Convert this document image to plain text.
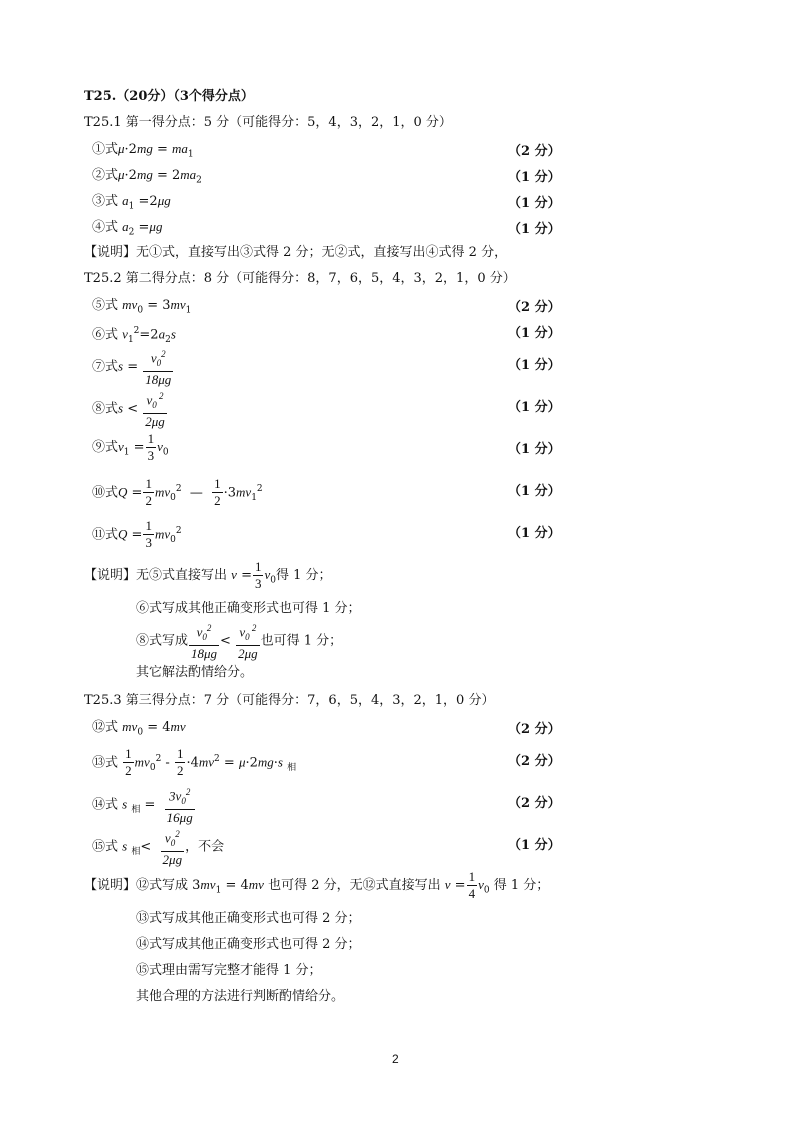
T25.（20分）（3个得分点）
T25.1 第一得分点：5 分（可能得分：5，4，3，2，1，0 分）
①式$\mu\cdot 2mg = ma_1$	（2 分）
②式$\mu\cdot 2mg = 2ma_2$	（1 分）
③式 $a_1 =2\mu g$	（1 分）
④式 $a_2 =\mu g$	（1 分）
【说明】无①式，直接写出③式得 2 分；无②式，直接写出④式得 2 分，
T25.2 第二得分点：8 分（可能得分：8，7，6，5，4，3，2，1，0 分）
⑤式 $mv_0 = 3mv_1$	（2 分）
⑥式 $v_1^2=2a_2s$	（1 分）
⑦式$s = \frac{v_0^2}{18\mu g}$	（1 分）
⑧式$s < \frac{v_0 ^2}{2\mu g}$	（1 分）
⑨式$v_1 = \frac{1}{3} v_0$	（1 分）
⑩式$Q = \frac{1}{2} mv_0^2$  — $\frac{1}{2} \cdot 3mv_1^2$	（1 分）
⑪式$Q = \frac{1}{3} mv_0^2$	（1 分）
【说明】无⑤式直接写出 $v = \frac{1}{3} v_0$得 1 分；
⑥式写成其他正确变形式也可得 1 分；
⑧式写成 $\frac{v_0^2}{18\mu g} < \frac{v_0 ^2}{2\mu g}$ 也可得 1 分；
其它解法酌情给分。
T25.3 第三得分点：7 分（可能得分：7，6，5，4，3，2，1，0 分）
⑫式 $mv_0 = 4mv$	（2 分）
⑬式 $\frac{1}{2} mv_0^2 - \frac{1}{2} \cdot 4mv^2 = \mu\cdot 2mg\cdot s$ $_相$	（2 分）
⑭式 s $_相 = \frac{3v_0^2}{16\mu g}$	（2 分）
⑮式 s $_相< \frac{v_0^2}{2\mu g}$ ，不会	（1 分）
【说明】⑫式写成 $3mv_1 = 4mv$ 也可得 2 分，无⑫式直接写出 $v = \frac{1}{4} v_0$ 得 1 分；
⑬式写成其他正确变形式也可得 2 分；
⑭式写成其他正确变形式也可得 2 分；
⑮式理由需写完整才能得 1 分；
其他合理的方法进行判断酌情给分。
2
